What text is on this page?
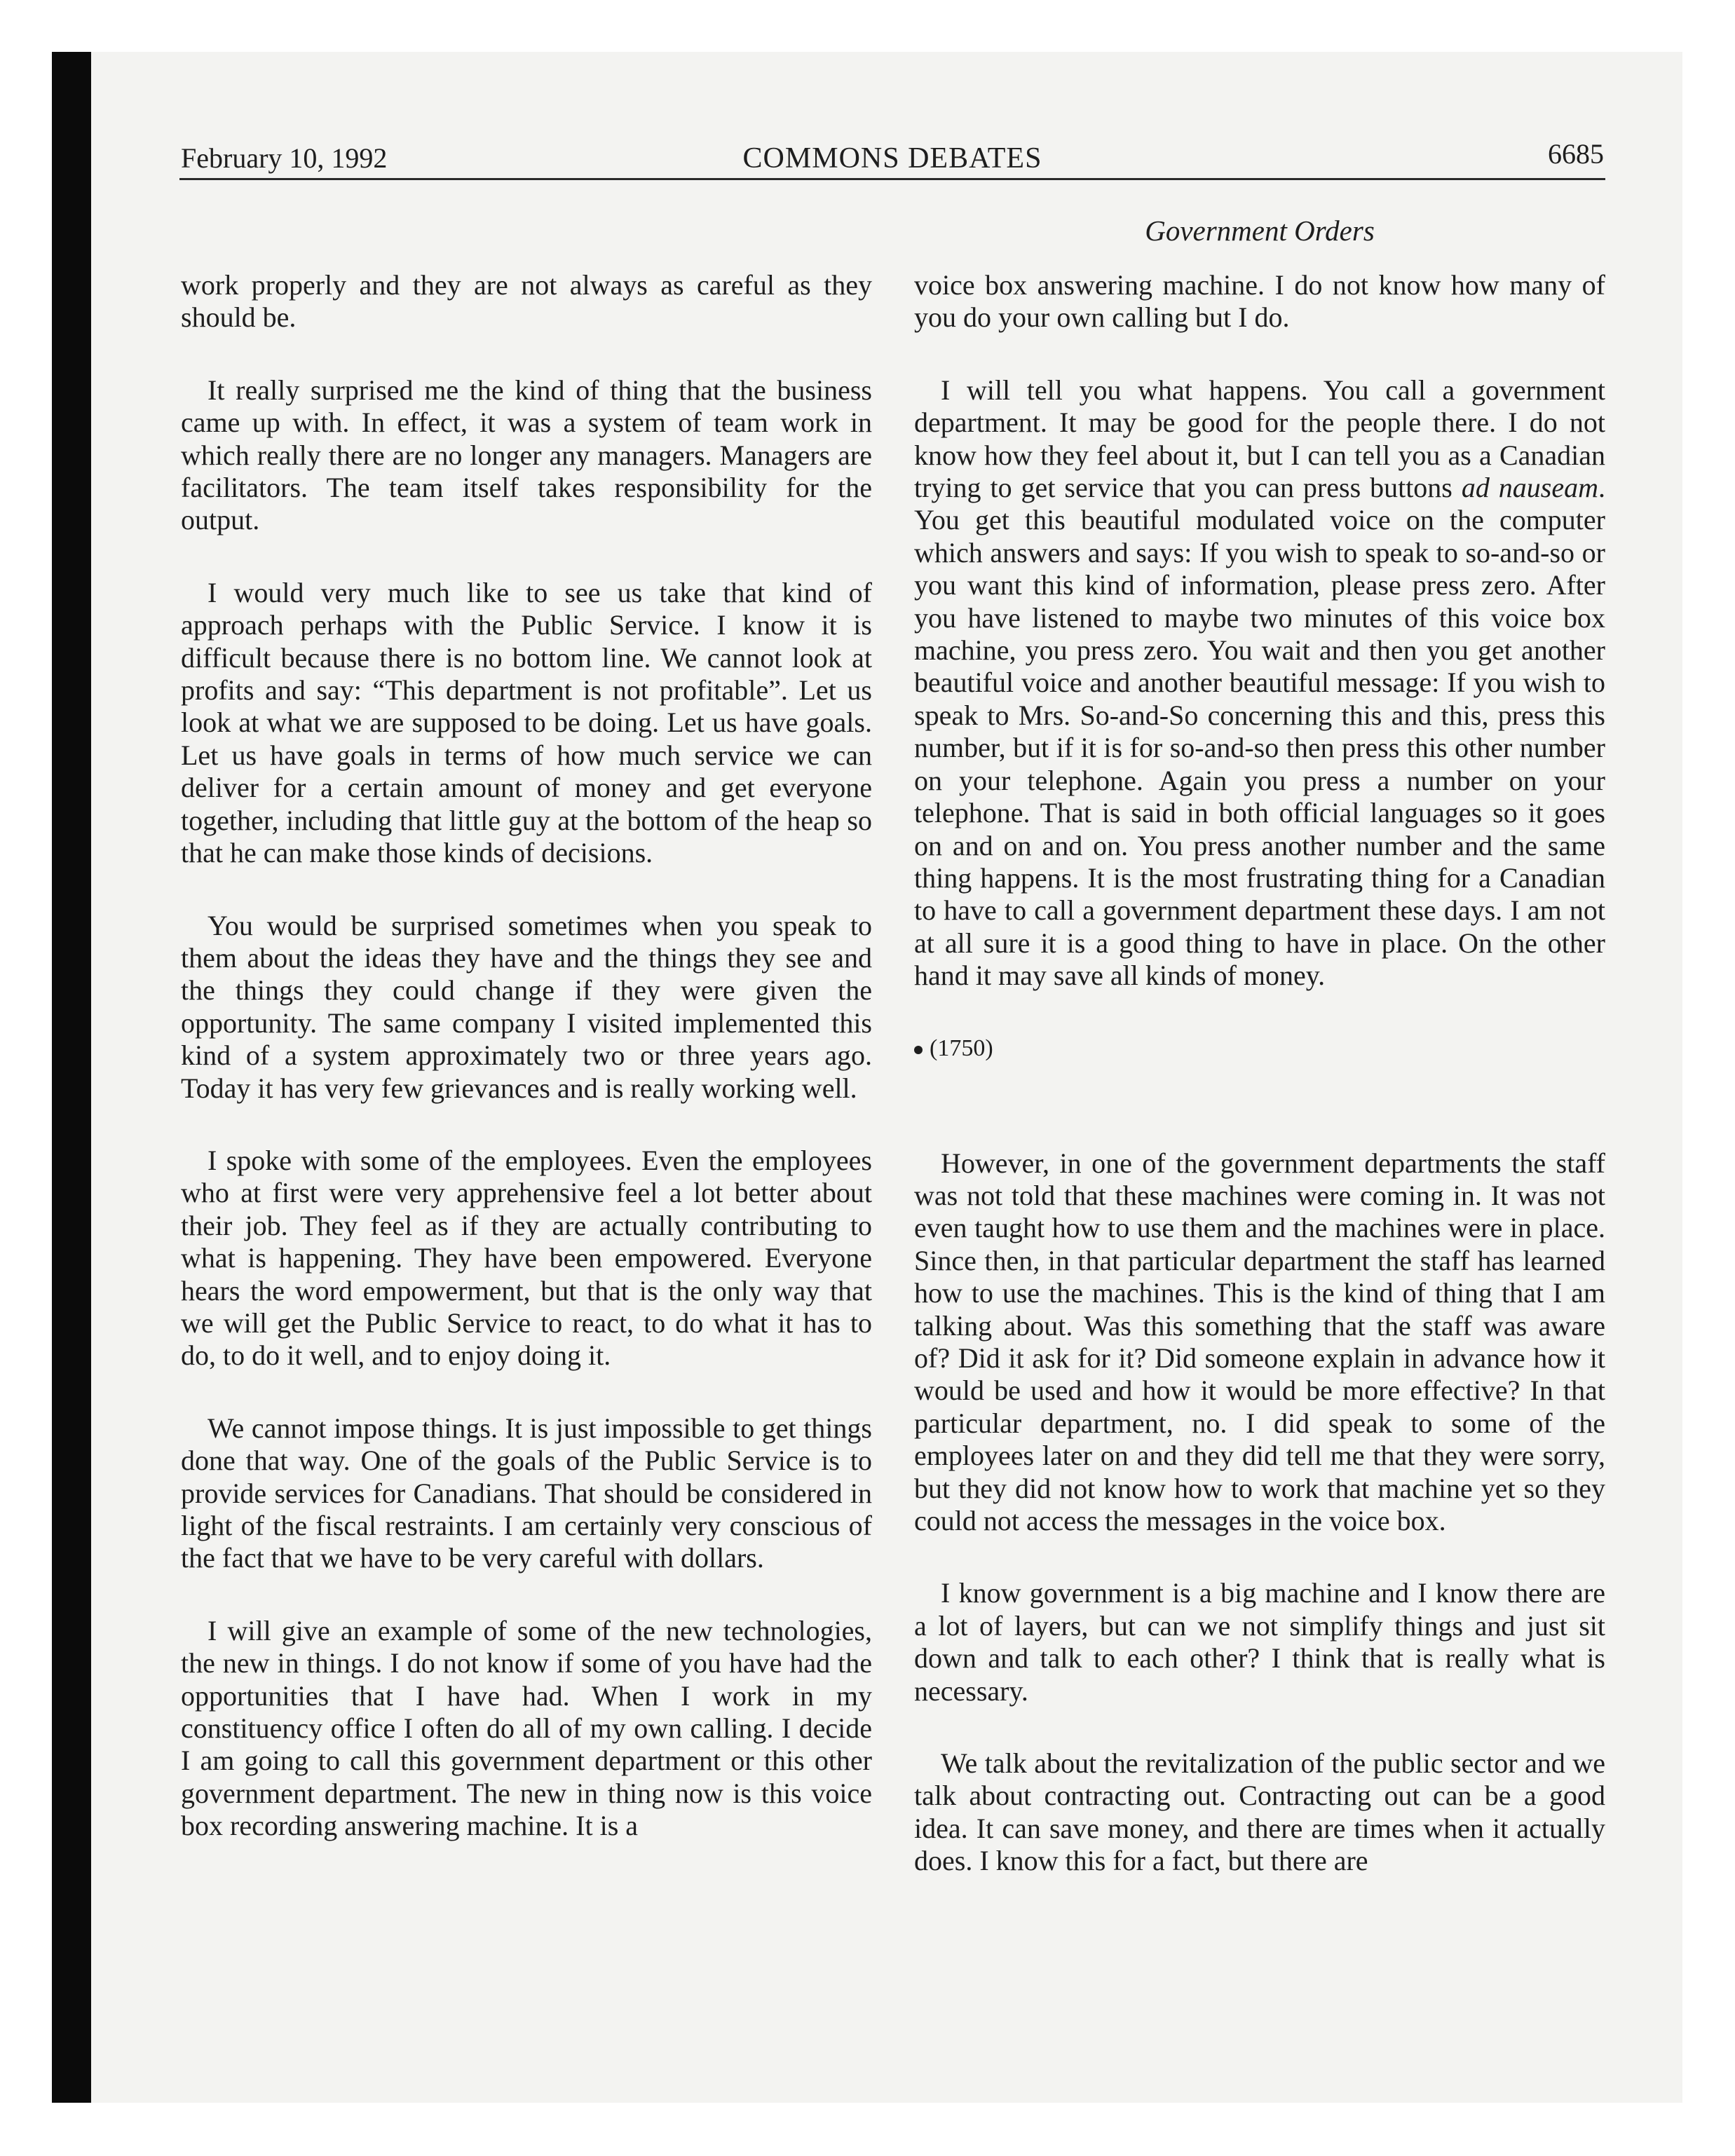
February 10, 1992	COMMONS DEBATES	6685
Government Orders

work properly and they are not always as careful as they should be.

It really surprised me the kind of thing that the business came up with. In effect, it was a system of team work in which really there are no longer any managers. Managers are facilitators. The team itself takes responsibility for the output.

I would very much like to see us take that kind of approach perhaps with the Public Service. I know it is difficult because there is no bottom line. We cannot look at profits and say: “This department is not profitable”. Let us look at what we are supposed to be doing. Let us have goals. Let us have goals in terms of how much service we can deliver for a certain amount of money and get everyone together, including that little guy at the bottom of the heap so that he can make those kinds of decisions.

You would be surprised sometimes when you speak to them about the ideas they have and the things they see and the things they could change if they were given the opportunity. The same company I visited implemented this kind of a system approximately two or three years ago. Today it has very few grievances and is really working well.

I spoke with some of the employees. Even the employees who at first were very apprehensive feel a lot better about their job. They feel as if they are actually contributing to what is happening. They have been empowered. Everyone hears the word empowerment, but that is the only way that we will get the Public Service to react, to do what it has to do, to do it well, and to enjoy doing it.

We cannot impose things. It is just impossible to get things done that way. One of the goals of the Public Service is to provide services for Canadians. That should be considered in light of the fiscal restraints. I am certainly very conscious of the fact that we have to be very careful with dollars.

I will give an example of some of the new technologies, the new in things. I do not know if some of you have had the opportunities that I have had. When I work in my constituency office I often do all of my own calling. I decide I am going to call this government department or this other government department. The new in thing now is this voice box recording answering machine. It is a

voice box answering machine. I do not know how many of you do your own calling but I do.

I will tell you what happens. You call a government department. It may be good for the people there. I do not know how they feel about it, but I can tell you as a Canadian trying to get service that you can press buttons ad nauseam. You get this beautiful modulated voice on the computer which answers and says: If you wish to speak to so-and-so or you want this kind of information, please press zero. After you have listened to maybe two minutes of this voice box machine, you press zero. You wait and then you get another beautiful voice and another beautiful message: If you wish to speak to Mrs. So-and-So concerning this and this, press this number, but if it is for so-and-so then press this other number on your telephone. Again you press a number on your telephone. That is said in both official languages so it goes on and on and on. You press another number and the same thing happens. It is the most frustrating thing for a Canadian to have to call a government department these days. I am not at all sure it is a good thing to have in place. On the other hand it may save all kinds of money.

(1750)

However, in one of the government departments the staff was not told that these machines were coming in. It was not even taught how to use them and the machines were in place. Since then, in that particular department the staff has learned how to use the machines. This is the kind of thing that I am talking about. Was this something that the staff was aware of? Did it ask for it? Did someone explain in advance how it would be used and how it would be more effective? In that particular department, no. I did speak to some of the employees later on and they did tell me that they were sorry, but they did not know how to work that machine yet so they could not access the messages in the voice box.

I know government is a big machine and I know there are a lot of layers, but can we not simplify things and just sit down and talk to each other? I think that is really what is necessary.

We talk about the revitalization of the public sector and we talk about contracting out. Contracting out can be a good idea. It can save money, and there are times when it actually does. I know this for a fact, but there are
